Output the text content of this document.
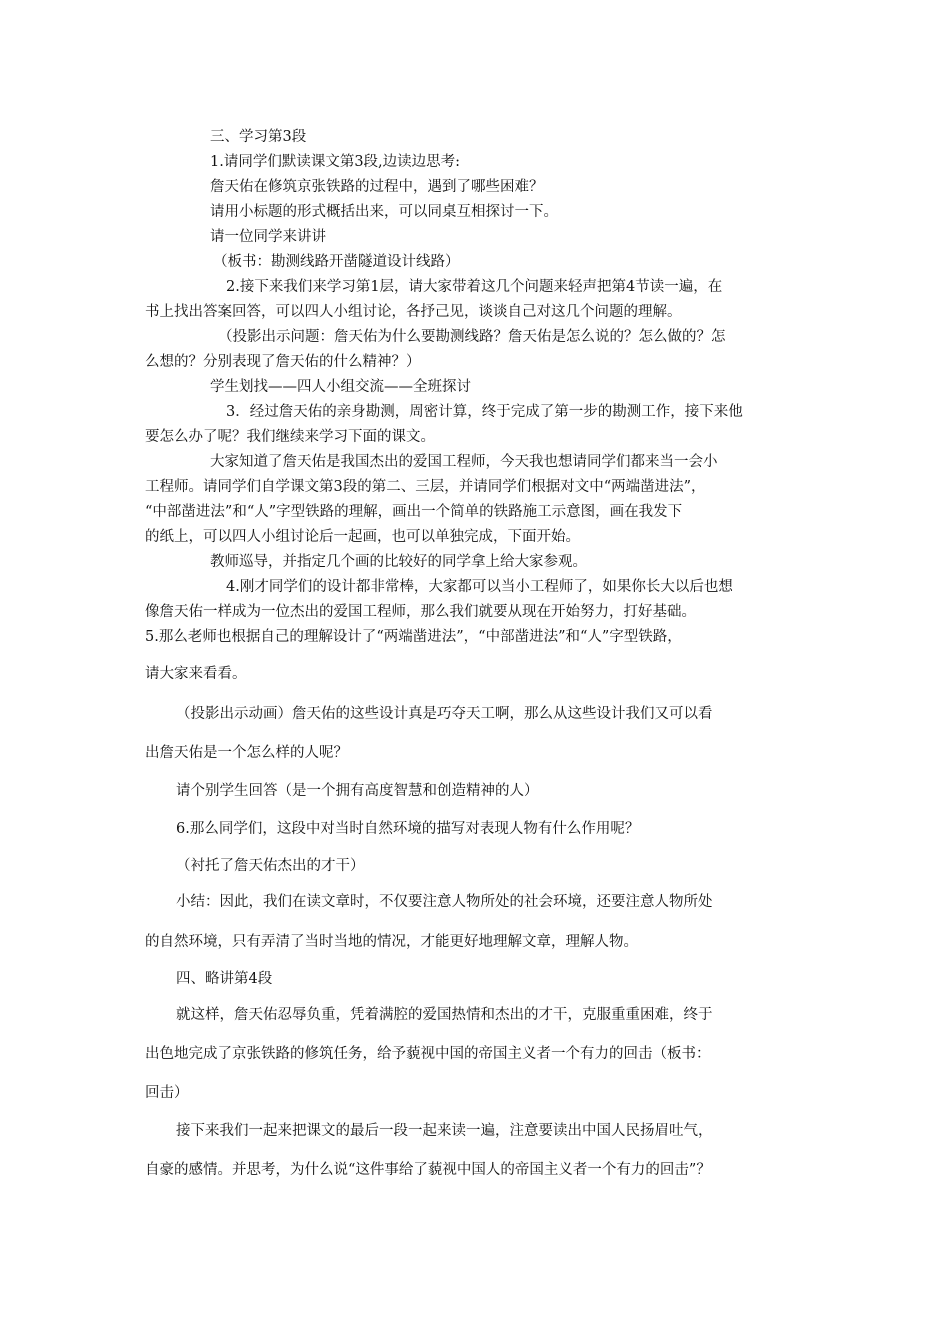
三、学习第3段
1.请同学们默读课文第3段,边读边思考:
詹天佑在修筑京张铁路的过程中，遇到了哪些困难？
请用小标题的形式概括出来，可以同桌互相探讨一下。
请一位同学来讲讲
（板书：勘测线路开凿隧道设计线路）
2.接下来我们来学习第1层，请大家带着这几个问题来轻声把第4节读一遍，在
书上找出答案回答，可以四人小组讨论，各抒己见，谈谈自己对这几个问题的理解。
（投影出示问题：詹天佑为什么要勘测线路？詹天佑是怎么说的？怎么做的？怎
么想的？分别表现了詹天佑的什么精神？）
学生划找——四人小组交流——全班探讨
3．经过詹天佑的亲身勘测，周密计算，终于完成了第一步的勘测工作，接下来他
要怎么办了呢？我们继续来学习下面的课文。
大家知道了詹天佑是我国杰出的爱国工程师，今天我也想请同学们都来当一会小
工程师。请同学们自学课文第3段的第二、三层，并请同学们根据对文中“两端凿进法”，
“中部凿进法”和“人”字型铁路的理解，画出一个简单的铁路施工示意图，画在我发下
的纸上，可以四人小组讨论后一起画，也可以单独完成，下面开始。
教师巡导，并指定几个画的比较好的同学拿上给大家参观。
4.刚才同学们的设计都非常棒，大家都可以当小工程师了，如果你长大以后也想
像詹天佑一样成为一位杰出的爱国工程师，那么我们就要从现在开始努力，打好基础。
5.那么老师也根据自己的理解设计了“两端凿进法”，“中部凿进法”和“人”字型铁路，
请大家来看看。
（投影出示动画）詹天佑的这些设计真是巧夺天工啊，那么从这些设计我们又可以看
出詹天佑是一个怎么样的人呢？
请个别学生回答（是一个拥有高度智慧和创造精神的人）
6.那么同学们，这段中对当时自然环境的描写对表现人物有什么作用呢？
（衬托了詹天佑杰出的才干）
小结：因此，我们在读文章时，不仅要注意人物所处的社会环境，还要注意人物所处
的自然环境，只有弄清了当时当地的情况，才能更好地理解文章，理解人物。
四、略讲第4段
就这样，詹天佑忍辱负重，凭着满腔的爱国热情和杰出的才干，克服重重困难，终于
出色地完成了京张铁路的修筑任务，给予藐视中国的帝国主义者一个有力的回击（板书：
回击）
接下来我们一起来把课文的最后一段一起来读一遍，注意要读出中国人民扬眉吐气，
自豪的感情。并思考，为什么说“这件事给了藐视中国人的帝国主义者一个有力的回击”？
